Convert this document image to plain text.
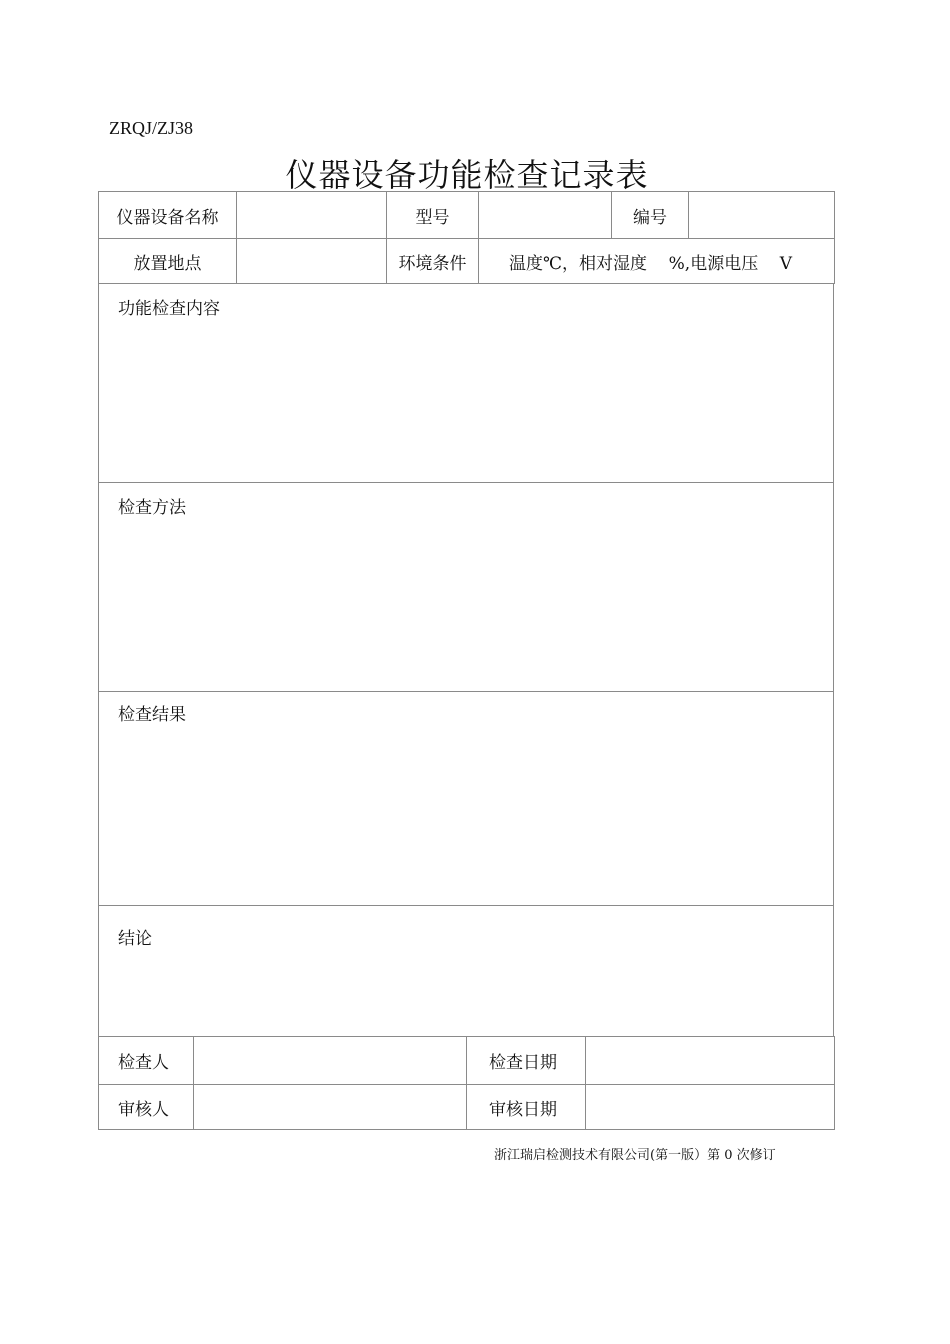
ZRQJ/ZJ38
仪器设备功能检查记录表
仪器设备名称		型号		编号	
放置地点		环境条件	温度℃，相对湿度    %,电源电压    V		
功能检查内容
检查方法
检查结果
结论
检查人		检查日期	
审核人		审核日期	
浙江瑞启检测技术有限公司(第一版）第 0 次修订
